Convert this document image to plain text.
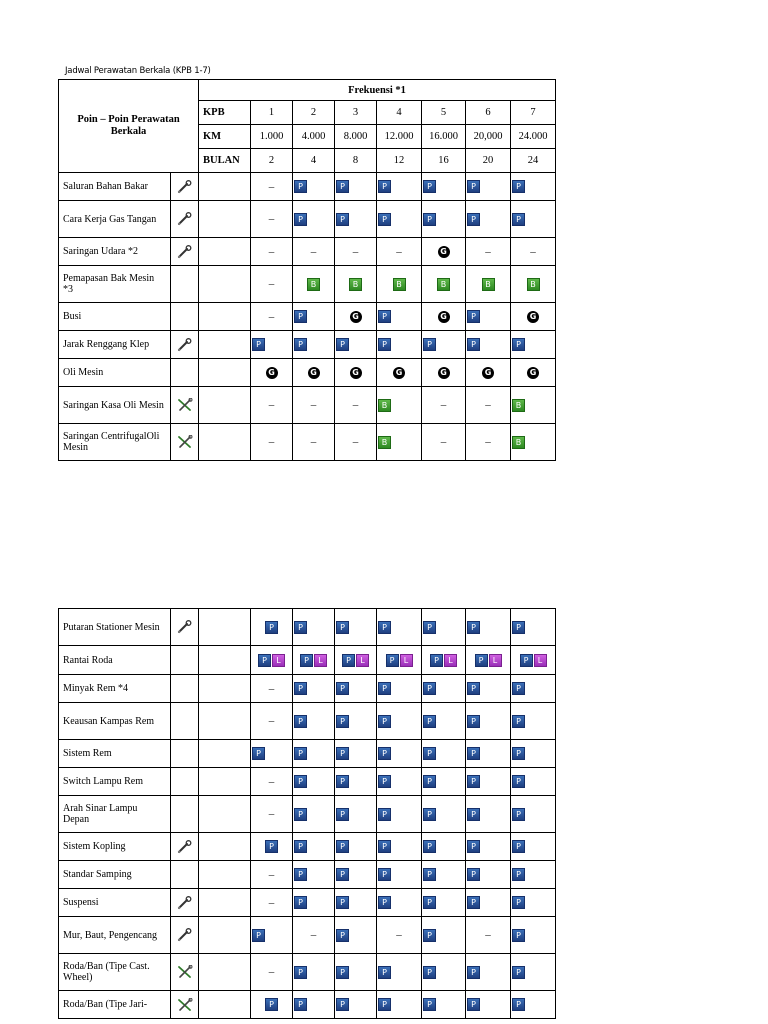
Jadwal Perawatan Berkala (KPB 1-7)
Poin – Poin Perawatan Berkala		Frekuensi *1							
		KPB	1	2	3	4	5	6	7
		KM	1.000	4.000	8.000	12.000	16.000	20,000	24.000
		BULAN	2	4	8	12	16	20	24
Saluran Bahan Bakar			–	P	P	P	P	P	P

Cara Kerja Gas Tangan			–	P	P	P	P	P	P

Saringan Udara *2			–	–	–	–	G	–	–

Pemapasan Bak Mesin *3			–	B	B	B	B	B	B

Busi			–	P	G	P	G	P	G

Jarak Renggang Klep			P	P	P	P	P	P	P

Oli Mesin			G	G	G	G	G	G	G

Saringan Kasa Oli Mesin			–	–	–	B	–	–	B

Saringan CentrifugalOli Mesin			–	–	–	B	–	–	B
Putaran Stationer Mesin			P	P	P	P	P	P	P

Rantai Roda			P L	P L	P L	P L	P L	P L	P L

Minyak Rem *4			–	P	P	P	P	P	P

Keausan Kampas Rem			–	P	P	P	P	P	P

Sistem Rem			P	P	P	P	P	P	P

Switch Lampu Rem			–	P	P	P	P	P	P

Arah Sinar Lampu Depan			–	P	P	P	P	P	P

Sistem Kopling			P	P	P	P	P	P	P

Standar Samping			–	P	P	P	P	P	P

Suspensi			–	P	P	P	P	P	P

Mur, Baut, Pengencang			P	–	P	–	P	–	P

Roda/Ban (Tipe Cast. Wheel)			–	P	P	P	P	P	P

Roda/Ban (Tipe Jari-			P	P	P	P	P	P	P
